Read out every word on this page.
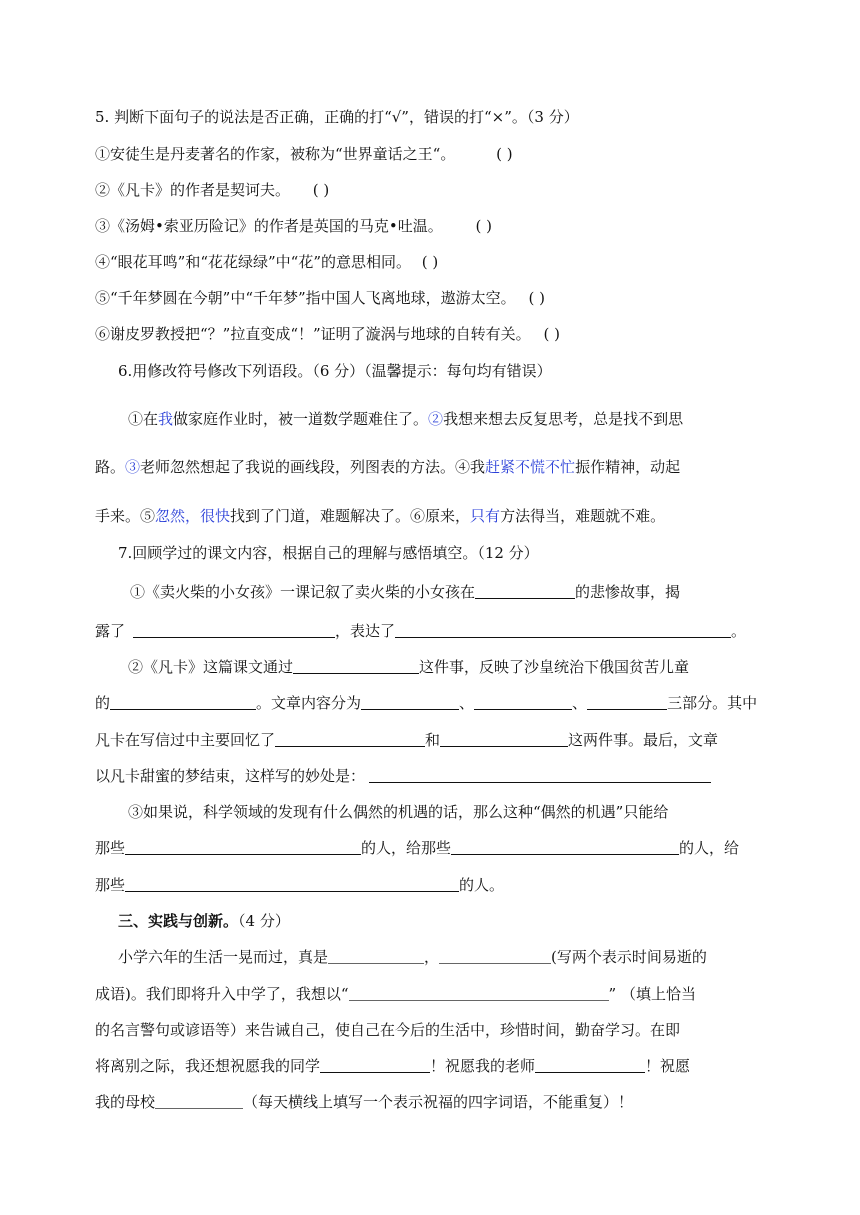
5. 判断下面句子的说法是否正确，正确的打“√”，错误的打“×”。（3 分）
①安徒生是丹麦著名的作家，被称为“世界童话之王“。	( )
②《凡卡》的作者是契诃夫。 ( )
③《汤姆•索亚历险记》的作者是英国的马克•吐温。 ( )
④“眼花耳鸣”和“花花绿绿”中“花”的意思相同。 ( )
⑤“千年梦圆在今朝”中“千年梦”指中国人飞离地球，遨游太空。 ( )
⑥谢皮罗教授把“？”拉直变成“！”证明了漩涡与地球的自转有关。 ( )
6.用修改符号修改下列语段。（6 分）（温馨提示：每句均有错误）
①在我做家庭作业时，被一道数学题难住了。②我想来想去反复思考，总是找不到思
路。③老师忽然想起了我说的画线段，列图表的方法。④我赶紧不慌不忙振作精神，动起
手来。⑤忽然，很快找到了门道，难题解决了。⑥原来，只有方法得当，难题就不难。
7.回顾学过的课文内容，根据自己的理解与感悟填空。（12 分）
①《卖火柴的小女孩》一课记叙了卖火柴的小女孩在	的悲惨故事，揭
露了	，表达了	。
②《凡卡》这篇课文通过	这件事，反映了沙皇统治下俄国贫苦儿童
的	。文章内容分为	、	、	三部分。其中
凡卡在写信过中主要回忆了	和	这两件事。最后，文章
以凡卡甜蜜的梦结束，这样写的妙处是：
③如果说，科学领域的发现有什么偶然的机遇的话，那么这种“偶然的机遇”只能给
那些	的人，给那些	的人，给
那些	的人。
三、实践与创新。（4 分）
小学六年的生活一晃而过，真是	，	(写两个表示时间易逝的
成语)。我们即将升入中学了，我想以“	” （填上恰当
的名言警句或谚语等）来告诫自己，使自己在今后的生活中，珍惜时间，勤奋学习。在即
将离别之际，我还想祝愿我的同学	！祝愿我的老师	！祝愿
我的母校	（每天横线上填写一个表示祝福的四字词语，不能重复）！
